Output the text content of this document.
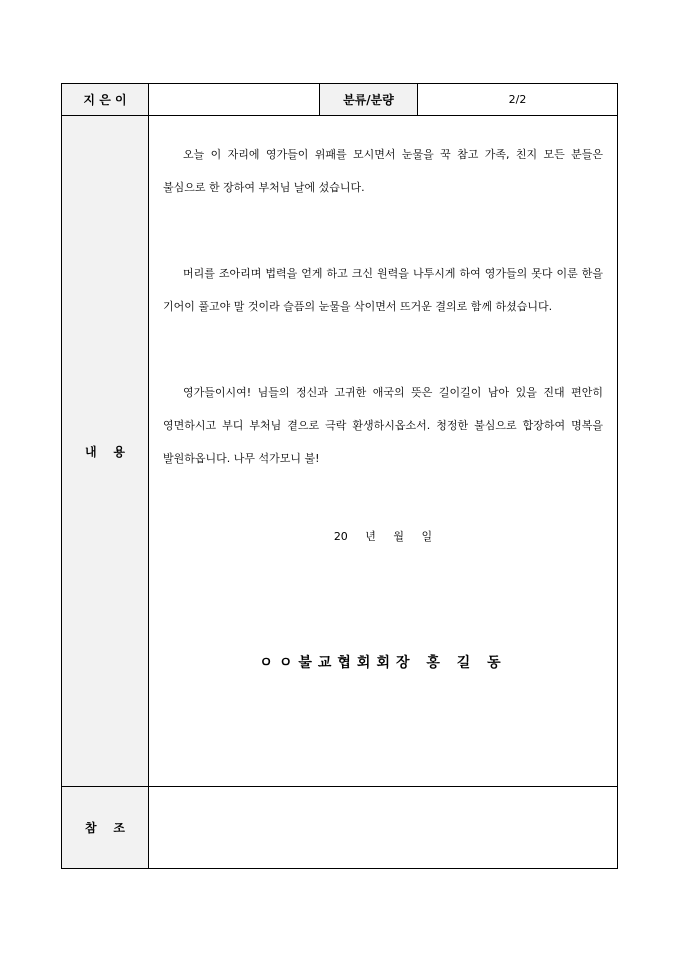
지 은 이		분류/분량	2/2
내    용	오늘 이 자리에 영가들이 위패를 모시면서 눈물을 꾹 참고 가족, 친지 모든 분들은 불심으로 한 장하여 부처님 날에 섰습니다.

머리를 조아리며 법력을 얻게 하고 크신 원력을 나투시게 하여 영가들의 못다 이룬 한을 기어이 풀고야 말 것이라 슬픔의 눈물을 삭이면서 뜨거운 결의로 함께 하셨습니다.

영가들이시여! 님들의 정신과 고귀한 애국의 뜻은 길이길이 남아 있을 진대 편안히 영면하시고 부디 부처님 곁으로 극락 환생하시옵소서. 청정한 불심으로 합장하여 명복을 발원하옵니다. 나무 석가모니 불!

20 년 월 일
ㅇㅇ불교협회회장 홍 길 동		

참    조			
